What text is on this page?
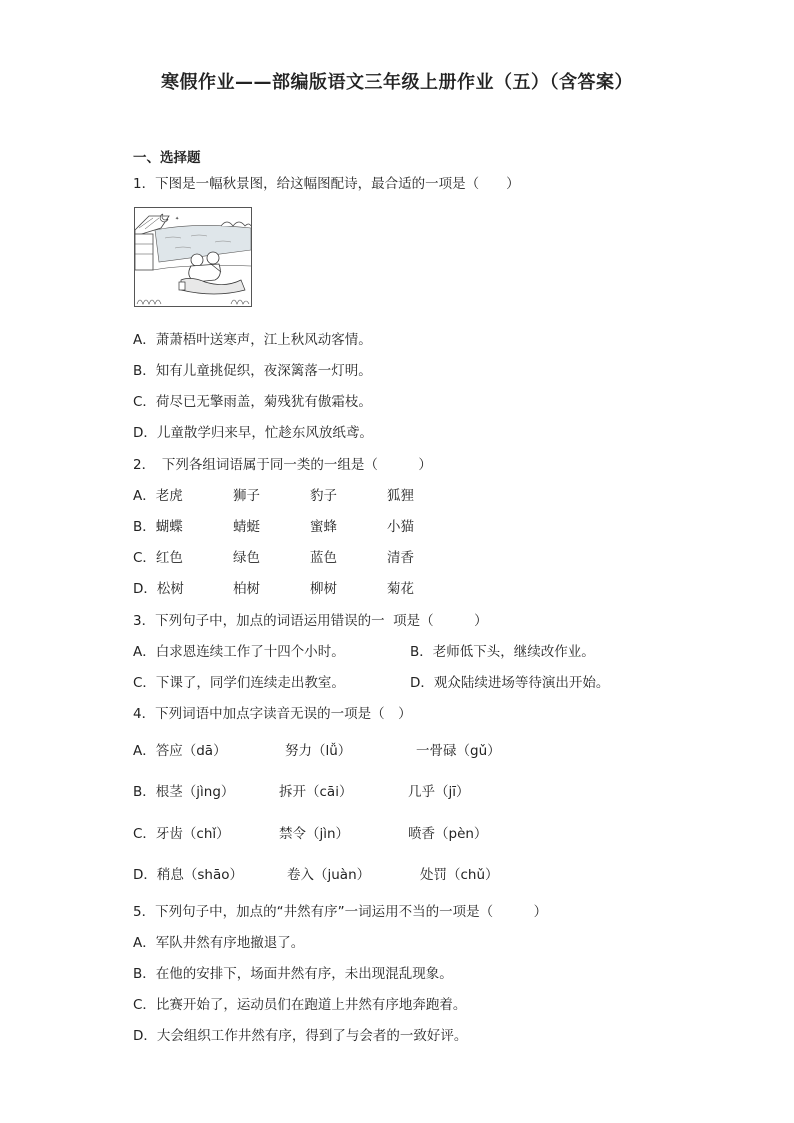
寒假作业——部编版语文三年级上册作业（五）（含答案）
一、选择题
1．下图是一幅秋景图，给这幅图配诗，最合适的一项是（　　）
✦
A．萧萧梧叶送寒声，江上秋风动客情。
B．知有儿童挑促织，夜深篱落一灯明。
C．荷尽已无擎雨盖，菊残犹有傲霜枝。
D．儿童散学归来早，忙趁东风放纸鸢。
2．　下列各组词语属于同一类的一组是（　　　）
A．老虎	狮子	豹子	狐狸
B．蝴蝶	蜻蜓	蜜蜂	小猫
C．红色	绿色	蓝色	清香
D．松树	柏树	柳树	菊花
3．下列句子中，加点的词语运用错误的一  项是（　　　）
A．白求恩连续工作了十四个小时。	B．老师低下头，继续改作业。
C．下课了，同学们连续走出教室。	D．观众陆续进场等待演出开始。
4．下列词语中加点字读音无误的一项是（　）
A．答应（dā）	努力（lǚ）	一骨碌（gǔ）
B．根茎（jìng）	拆开（cāi）	几乎（jī）
C．牙齿（chǐ）	禁令（jìn）	喷香（pèn）
D．稍息（shāo）	卷入（juàn）	处罚（chǔ）
5．下列句子中，加点的“井然有序”一词运用不当的一项是（　　　）
A．军队井然有序地撤退了。
B．在他的安排下，场面井然有序，未出现混乱现象。
C．比赛开始了，运动员们在跑道上井然有序地奔跑着。
D．大会组织工作井然有序，得到了与会者的一致好评。
